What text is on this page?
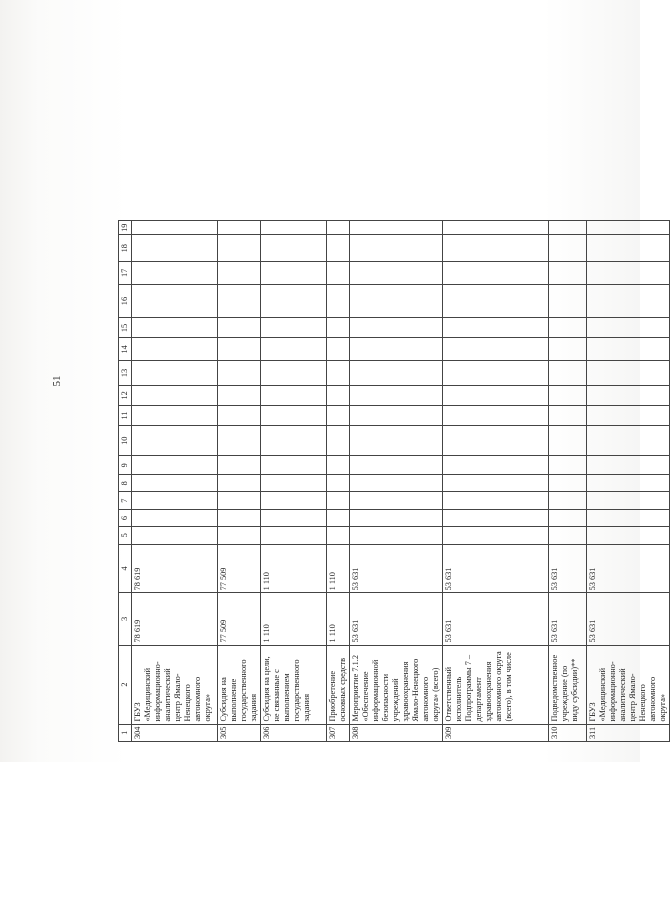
51
1	2	3	4	5	6	7	8	9	10	11	12	13	14	15	16	17	18	19
304	ГБУЗ «Медицинский информационно-аналитический центр Ямало-Ненецкого автономного округа»	78 619	78 619															
305	Субсидия на выполнение государственного задания	77 509	77 509															
306	Субсидия на цели, не связанные с выполнением государственного задания	1 110	1 110															
307	Приобретение основных средств	1 110	1 110															
308	Мероприятие 7.1.2 «Обеспечение информационной безопасности учреждений здравоохранения Ямало-Ненецкого автономного округа» (всего)	53 631	53 631															
309	Ответственный исполнитель Подпрограммы 7 – департамент здравоохранения автономного округа (всего), в том числе	53 631	53 631															
310	Подведомственное учреждение (по виду субсидии)**	53 631	53 631															
311	ГБУЗ «Медицинский информационно-аналитический центр Ямало-Ненецкого автономного округа»	53 631	53 631															
